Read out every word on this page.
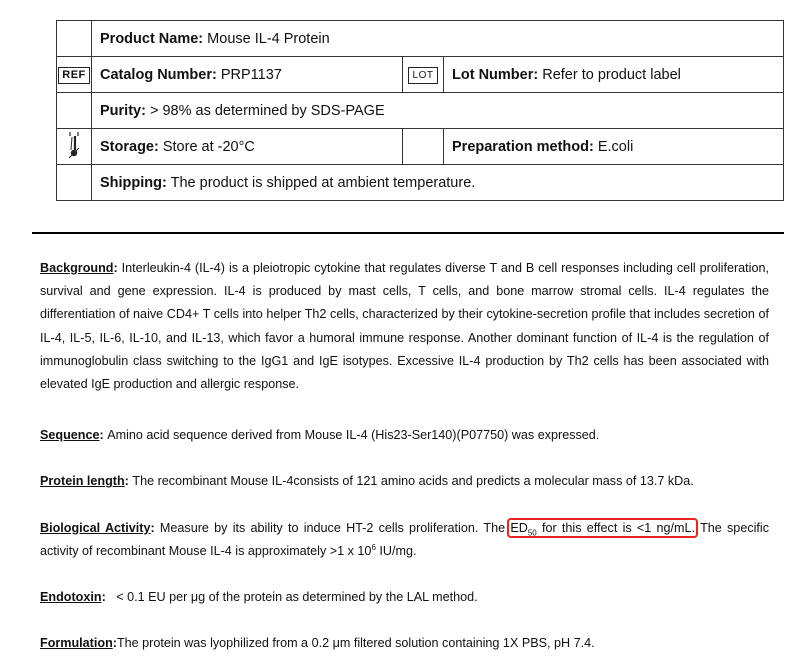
	Product Name: Mouse IL-4 Protein		
REF	Catalog Number: PRP1137	LOT	Lot Number: Refer to product label
	Purity: > 98% as determined by SDS-PAGE		
	Storage: Store at -20°C		Preparation method: E.coli
	Shipping: The product is shipped at ambient temperature.		

Background: Interleukin-4 (IL-4) is a pleiotropic cytokine that regulates diverse T and B cell responses including cell proliferation, survival and gene expression. IL-4 is produced by mast cells, T cells, and bone marrow stromal cells. IL-4 regulates the differentiation of naive CD4+ T cells into helper Th2 cells, characterized by their cytokine-secretion profile that includes secretion of IL-4, IL-5, IL-6, IL-10, and IL-13, which favor a humoral immune response. Another dominant function of IL-4 is the regulation of immunoglobulin class switching to the IgG1 and IgE isotypes. Excessive IL-4 production by Th2 cells has been associated with elevated IgE production and allergic response.

Sequence: Amino acid sequence derived from Mouse IL-4 (His23-Ser140)(P07750) was expressed.

Protein length: The recombinant Mouse IL-4consists of 121 amino acids and predicts a molecular mass of 13.7 kDa.

Biological Activity: Measure by its ability to induce HT-2 cells proliferation. The $ED_{50}$ for this effect is <1 ng/mL. The specific activity of recombinant Mouse IL-4 is approximately >1 x $10^6$ IU/mg.

Endotoxin:   < 0.1 EU per μg of the protein as determined by the LAL method.

Formulation:The protein was lyophilized from a 0.2 μm filtered solution containing 1X PBS, pH 7.4.
